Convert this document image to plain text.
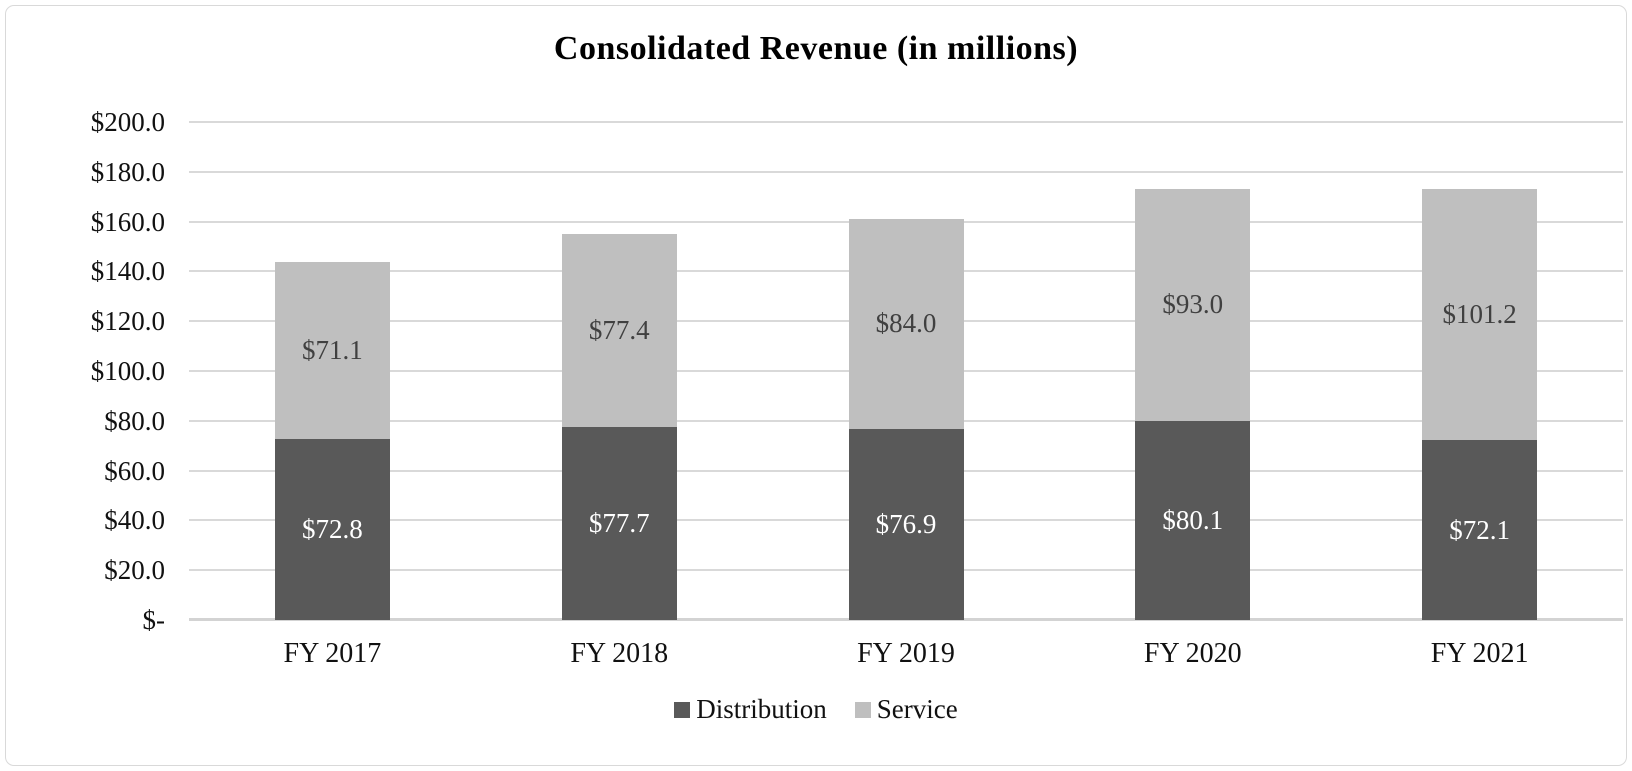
Consolidated Revenue (in millions)
$72.8
$71.1
$77.7
$77.4
$76.9
$84.0
$80.1
$93.0
$72.1
$101.2
$-
$20.0
$40.0
$60.0
$80.0
$100.0
$120.0
$140.0
$160.0
$180.0
$200.0
FY 2017	FY 2018	FY 2019	FY 2020	FY 2021
Distribution Service
